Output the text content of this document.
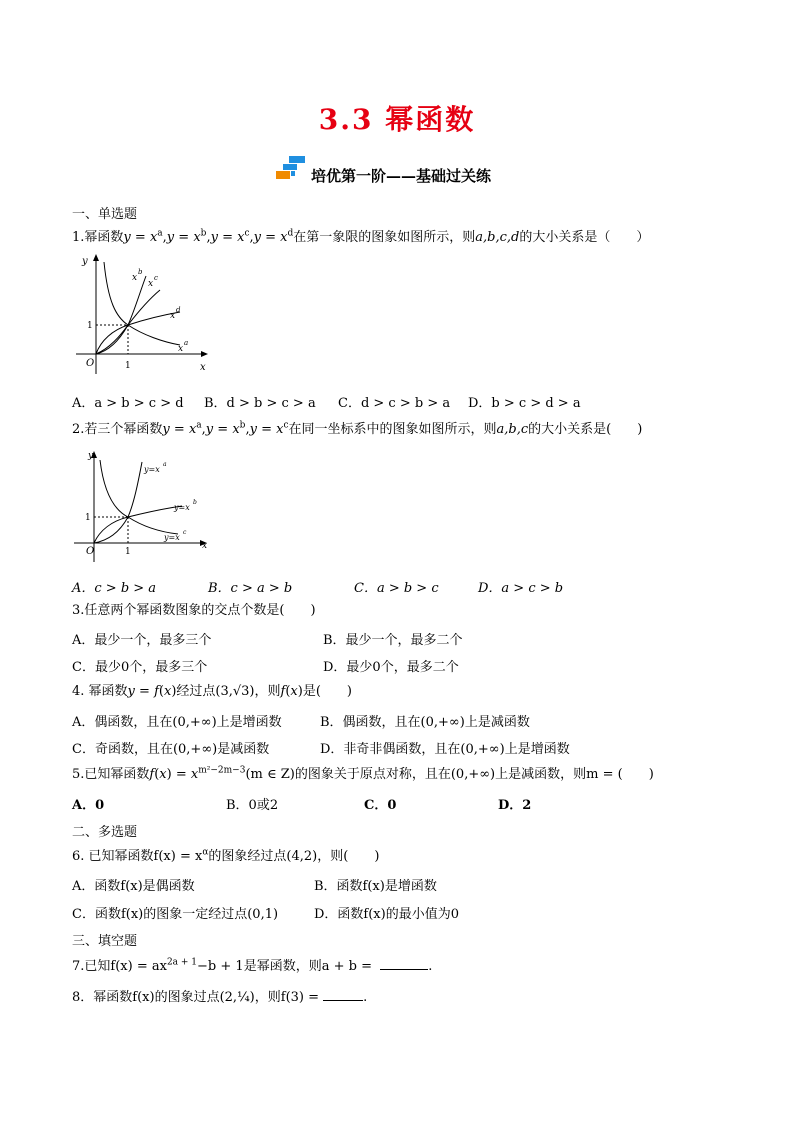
3.3 幂函数
培优第一阶——基础过关练
一、单选题
1.幂函数$y = x^a,y = x^b,y = x^c,y = x^d$在第一象限的图象如图所示，则a,b,c,d的大小关系是（　　）
y
x
O	1
1
x
b
x
c
x
d
x
a
A．a > b > c > d B．d > b > c > a C．d > c > b > a D．b > c > d > a
2.若三个幂函数$y = x^a,y = x^b,y = x^c$在同一坐标系中的图象如图所示，则a,b,c的大小关系是(　　)
y
x
O	1
1
y=x
a
y=x
b
y=x
c
A．c > b > a	B．c > a > b	C．a > b > c	D．a > c > b
3.任意两个幂函数图象的交点个数是(　　)
A．最少一个，最多三个	B．最少一个，最多二个
C．最少0个，最多三个	D．最少0个，最多二个
4. 幂函数y = f(x)经过点(3,√3)，则f(x)是(　　)
A．偶函数，且在(0,+∞)上是增函数	B．偶函数，且在(0,+∞)上是减函数
C．奇函数，且在(0,+∞)是减函数	D．非奇非偶函数，且在(0,+∞)上是增函数
5.已知幂函数$f(x) = x^{m^2-2m-3}(m$ ∈ Z)的图象关于原点对称，且在(0,+∞)上是减函数，则m = (　　)
A．0	B．0或2	C．0	D．2
二、多选题
6. 已知幂函数$f(x) = x^\alpha$的图象经过点(4,2)，则(　　)
A．函数f(x)是偶函数	B．函数f(x)是增函数
C．函数f(x)的图象一定经过点(0,1)	D．函数f(x)的最小值为0
三、填空题
7.已知$f(x) = ax^{2a + 1}-b + 1$是幂函数，则a + b =	.
8．幂函数f(x)的图象过点(2,¼)，则f(3) =	.
